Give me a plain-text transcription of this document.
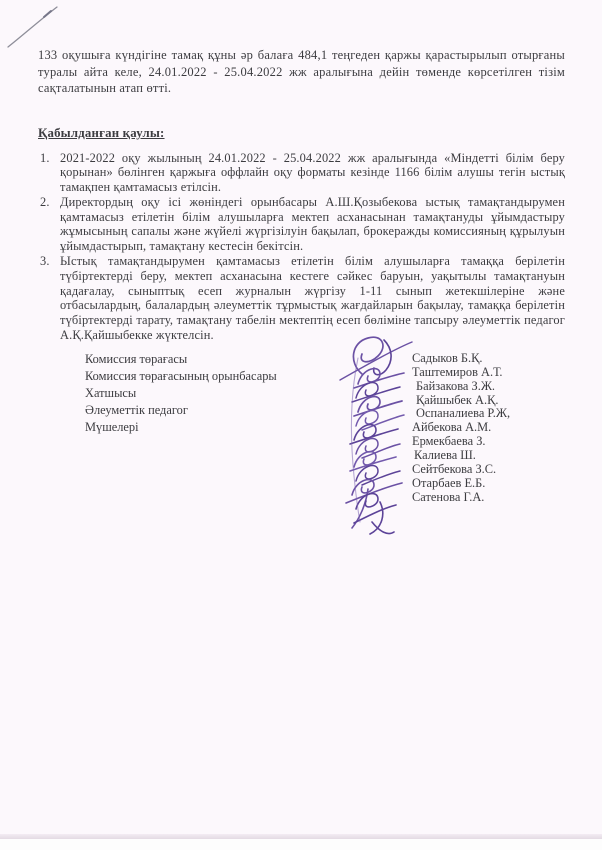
133 оқушыға күндігіне тамақ құны әр балаға 484,1 теңгеден қаржы қарастырылып отырғаны туралы айта келе, 24.01.2022 - 25.04.2022 жж аралығына дейін төменде көрсетілген тізім сақталатынын атап өтті.

Қабылданған қаулы:
1. 2021-2022 оқу жылының 24.01.2022 - 25.04.2022 жж аралығында «Міндетті білім беру қорынан» бөлінген қаржыға оффлайн оқу форматы кезінде 1166 білім алушы тегін ыстық тамақпен қамтамасыз етілсін.
2. Директордың оқу ісі жөніндегі орынбасары А.Ш.Қозыбекова ыстық тамақтандырумен қамтамасыз етілетін білім алушыларға мектеп асханасынан тамақтануды ұйымдастыру жұмысының сапалы және жүйелі жүргізілуін бақылап, брокеражды комиссияның құрылуын ұйымдастырып, тамақтану кестесін бекітсін.
3. Ыстық тамақтандырумен қамтамасыз етілетін білім алушыларға тамаққа берілетін түбіртектерді беру, мектеп асханасына кестеге сәйкес баруын, уақытылы тамақтануын қадағалау, сыныптық есеп журналын жүргізу 1-11 сынып жетекшілеріне және отбасылардың, балалардың әлеуметтік тұрмыстық жағдайларын бақылау, тамаққа берілетін түбіртектерді тарату, тамақтану табелін мектептің есеп бөліміне тапсыру әлеуметтік педагог А.Қ.Қайшыбекке жүктелсін.
Комиссия төрағасы
Комиссия төрағасының орынбасары
Хатшысы
Әлеуметтік педагог
Мүшелері
Садыков Б.Қ.
Таштемиров А.Т.
Байзакова З.Ж.
Қайшыбек А.Қ.
Оспаналиева Р.Ж,
Айбекова А.М.
Ермекбаева З.
Калиева Ш.
Сейтбекова З.С.
Отарбаев Е.Б.
Сатенова Г.А.
